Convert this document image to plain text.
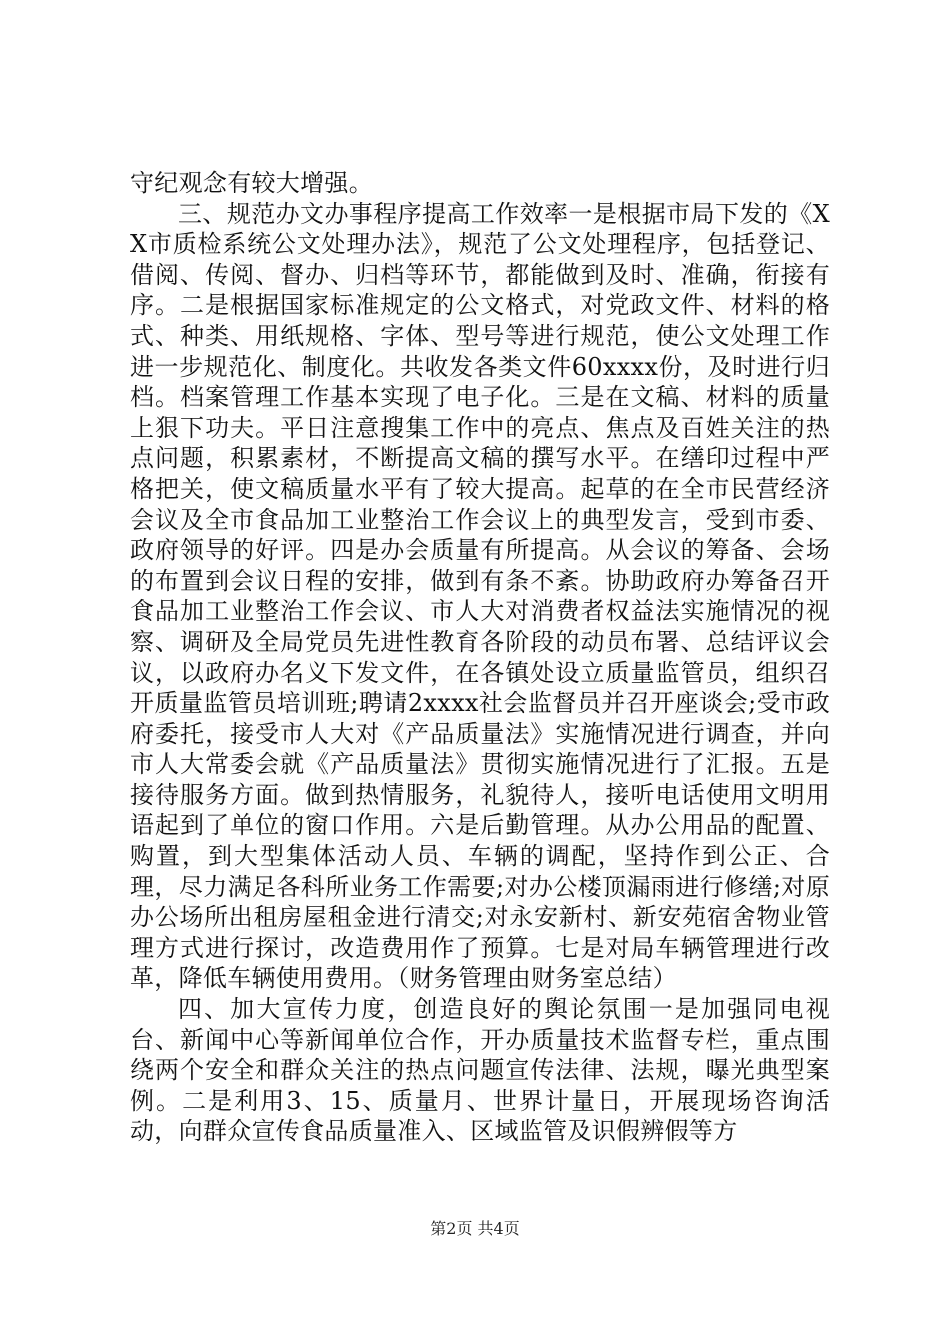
守纪观念有较大增强。

三、规范办文办事程序提高工作效率一是根据市局下发的《XX市质检系统公文处理办法》，规范了公文处理程序，包括登记、借阅、传阅、督办、归档等环节，都能做到及时、准确，衔接有序。二是根据国家标准规定的公文格式，对党政文件、材料的格式、种类、用纸规格、字体、型号等进行规范，使公文处理工作进一步规范化、制度化。共收发各类文件60xxxx份，及时进行归档。档案管理工作基本实现了电子化。三是在文稿、材料的质量上狠下功夫。平日注意搜集工作中的亮点、焦点及百姓关注的热点问题，积累素材，不断提高文稿的撰写水平。在缮印过程中严格把关，使文稿质量水平有了较大提高。起草的在全市民营经济会议及全市食品加工业整治工作会议上的典型发言，受到市委、政府领导的好评。四是办会质量有所提高。从会议的筹备、会场的布置到会议日程的安排，做到有条不紊。协助政府办筹备召开食品加工业整治工作会议、市人大对消费者权益法实施情况的视察、调研及全局党员先进性教育各阶段的动员布署、总结评议会议，以政府办名义下发文件，在各镇处设立质量监管员，组织召开质量监管员培训班;聘请2xxxx社会监督员并召开座谈会;受市政府委托，接受市人大对《产品质量法》实施情况进行调查，并向市人大常委会就《产品质量法》贯彻实施情况进行了汇报。五是接待服务方面。做到热情服务，礼貌待人，接听电话使用文明用语起到了单位的窗口作用。六是后勤管理。从办公用品的配置、购置，到大型集体活动人员、车辆的调配，坚持作到公正、合理，尽力满足各科所业务工作需要;对办公楼顶漏雨进行修缮;对原办公场所出租房屋租金进行清交;对永安新村、新安苑宿舍物业管理方式进行探讨，改造费用作了预算。七是对局车辆管理进行改革，降低车辆使用费用。（财务管理由财务室总结）

四、加大宣传力度，创造良好的舆论氛围一是加强同电视台、新闻中心等新闻单位合作，开办质量技术监督专栏，重点围绕两个安全和群众关注的热点问题宣传法律、法规，曝光典型案例。二是利用3、15、质量月、世界计量日，开展现场咨询活动，向群众宣传食品质量准入、区域监管及识假辨假等方

第2页 共4页
